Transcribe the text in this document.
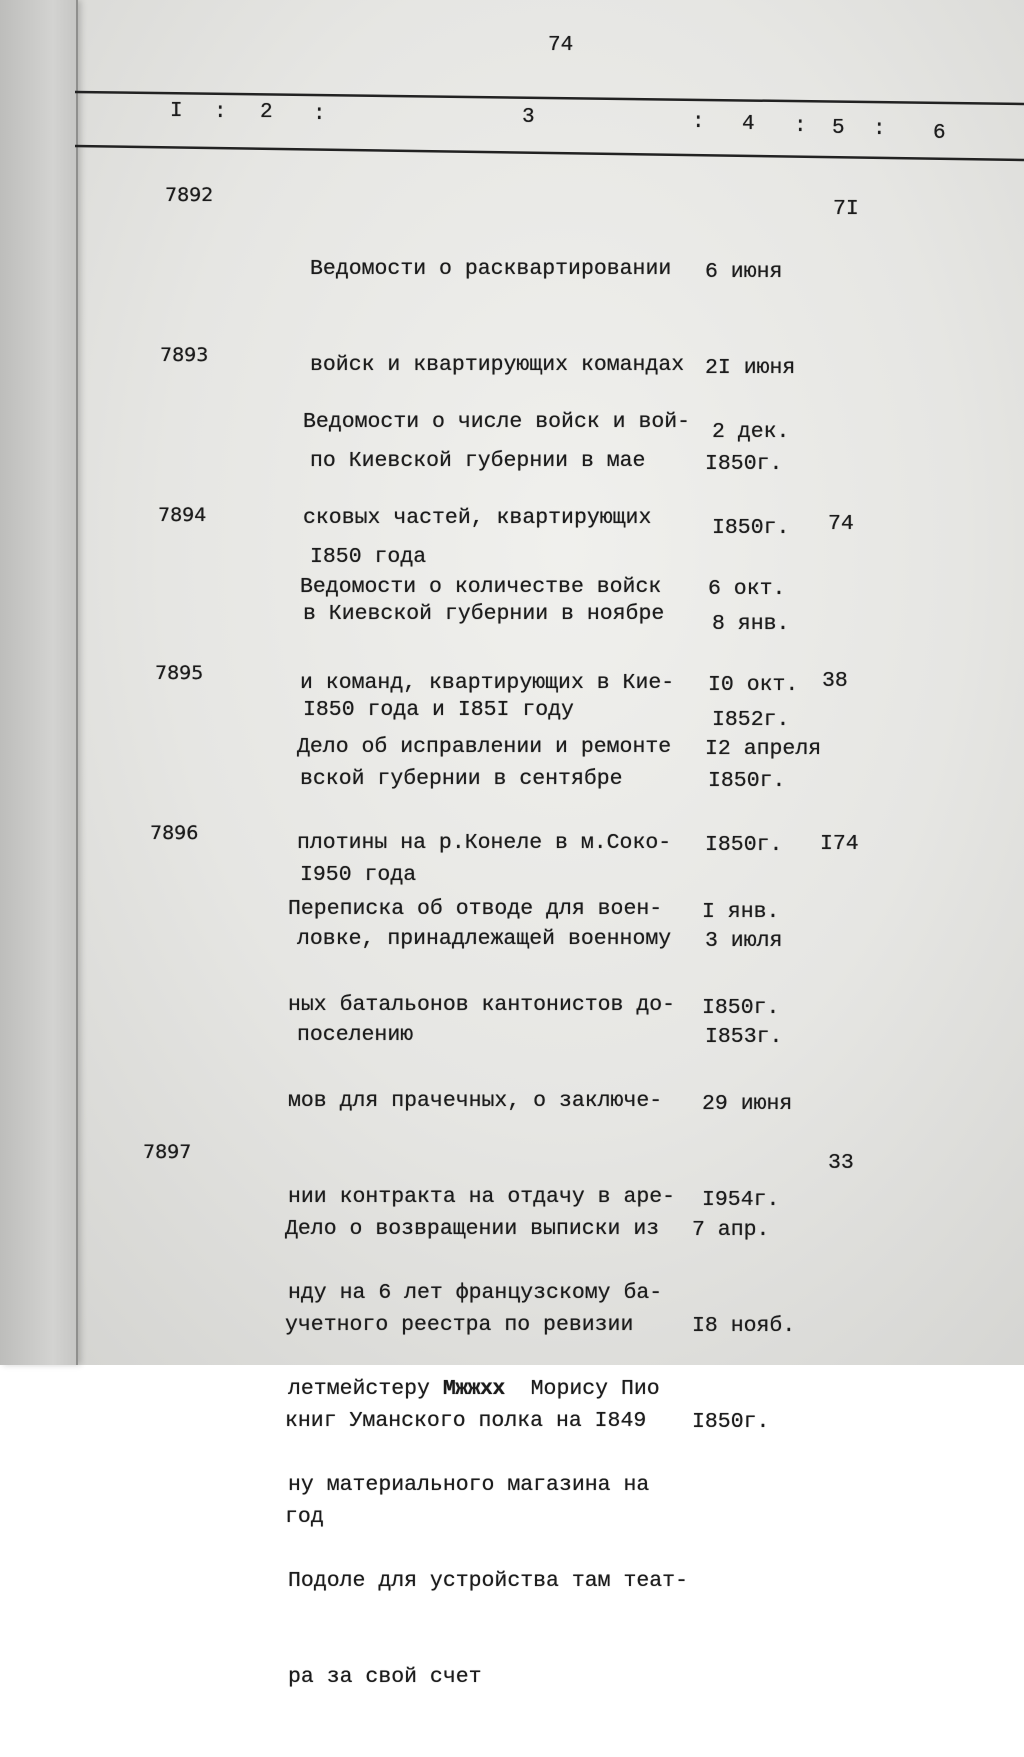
74
I : 2 :	3	: 4 : 5 : 6
7892

Ведомости о расквартировании

войск и квартирующих командах

по Киевской губернии в мае

I850 года

6 июня

2I июня

I850г.

7I
7893

Ведомости о числе войск и вой-

сковых частей, квартирующих

в Киевской губернии в ноябре

I850 года и I85I году

2 дек.

I850г.

8 янв.

I852г.

7894

Ведомости о количестве войск

и команд, квартирующих в Кие-

вской губернии в сентябре

I950 года

6 окт.

I0 окт.

I850г.

74
7895

Дело об исправлении и ремонте

плотины на р.Конеле в м.Соко-

ловке, принадлежащей военному

поселению

I2 апреля

I850г.

3 июля

I853г.

38
7896

Переписка об отводе для воен-

ных батальонов кантонистов до-

мов для прачечных, о заключе-

нии контракта на отдачу в аре-

нду на 6 лет французскому ба-

летмейстеру Мжжхх  Морису Пио

ну материального магазина на

Подоле для устройства там теат-

ра за свой счет

I янв.

I850г.

29 июня

I954г.

I74
7897

Дело о возвращении выписки из

учетного реестра по ревизии

книг Уманского полка на I849

год

7 апр.

I8 нояб.

I850г.

33
